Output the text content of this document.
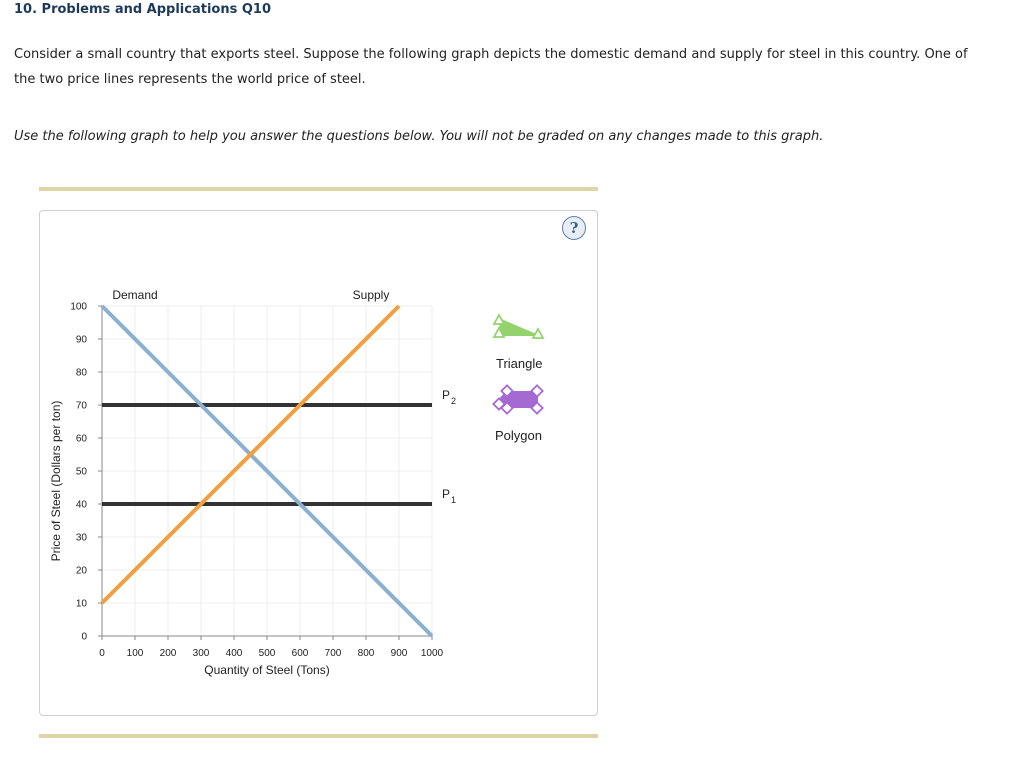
10. Problems and Applications Q10
Consider a small country that exports steel. Suppose the following graph depicts the domestic demand and supply for steel in this country. One of the two price lines represents the world price of steel.
Use the following graph to help you answer the questions below. You will not be graded on any changes made to this graph.
?
0
10
20
30
40
50
60
70
80
90
100
0 100 200 300 400 500 600 700 800 900 1000
Quantity of Steel (Tons)
Price of Steel (Dollars per ton)
$P_2$
$P_1$
Demand	Supply
Triangle
Polygon
